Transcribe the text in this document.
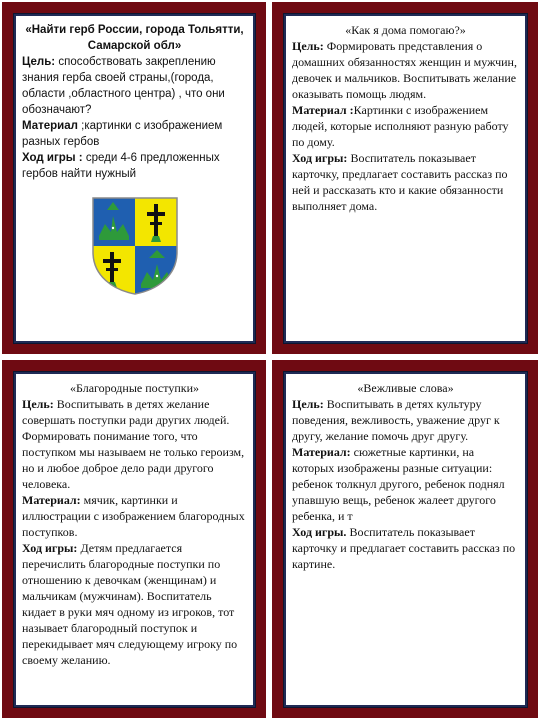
«Найти герб России, города Тольятти, Самарской обл»

Цель: способствовать закреплению знания герба своей страны,(города, области ,областного центра) , что они обозначают?

Материал ;картинки с изображением разных гербов

Ход игры : среди 4-6 предложенных гербов найти нужный

«Как я дома помогаю?»

Цель: Формировать представления о домашних обязанностях женщин и мужчин, девочек и мальчиков. Воспитывать желание оказывать помощь людям.

Материал :Картинки с изображением людей, которые исполняют разную работу по дому.

Ход игры: Воспитатель показывает карточку, предлагает составить рассказ по ней и рассказать кто и какие обязанности выполняет дома.

«Благородные поступки»

Цель: Воспитывать в детях желание совершать поступки ради других людей. Формировать понимание того, что поступком мы называем не только героизм, но и любое доброе дело ради другого человека.

Материал: мячик, картинки и иллюстрации с изображением благородных поступков.

Ход игры: Детям предлагается перечислить благородные поступки по отношению к девочкам (женщинам) и мальчикам (мужчинам). Воспитатель кидает в руки мяч одному из игроков, тот называет благородный поступок и перекидывает мяч следующему игроку по своему желанию.

«Вежливые слова»

Цель: Воспитывать в детях культуру поведения, вежливость, уважение друг к другу, желание помочь друг другу.

Материал: сюжетные картинки, на которых изображены разные ситуации: ребенок толкнул другого, ребенок поднял упавшую вещь, ребенок жалеет другого ребенка, и т

Ход игры. Воспитатель показывает карточку и предлагает составить рассказ по картине.
